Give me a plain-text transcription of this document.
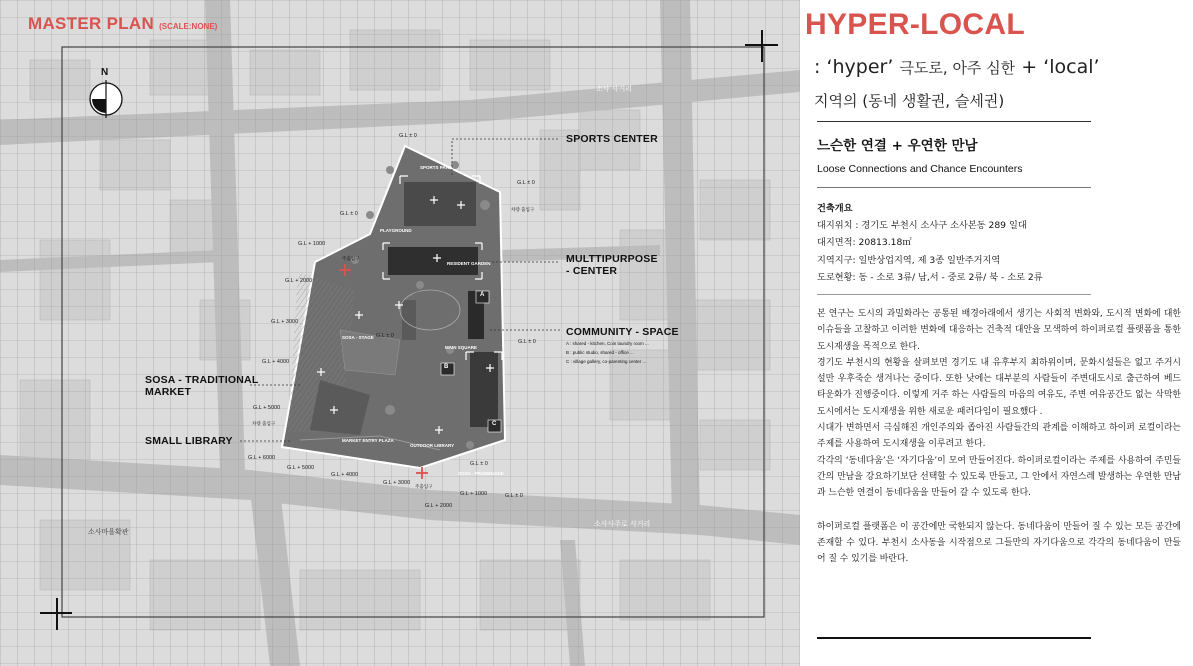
MASTER PLAN (SCALE:NONE)
N
SPORTS CENTER
MULTTIPURPOSE
- CENTER
COMMUNITY - SPACE
A : shared - kitchen, Coin laundry room ...
B : public studio, shared - office ...
C : village gallery, co-parenting center ...
SOSA - TRADITIONAL
MARKET
SMALL LIBRARY
SPORTS PARK
PLAYGROUND
RESIDENT GARDEN
SOSA - STAGE
MAIN SQUARE
MARKET ENTRY PLAZA
OUTDOOR LIBRARY
SOSA - PROMENADE
A
B
C
소사 사거리
소사사주로 사거리
소사마을확관
주출입구
주출입구
차량 출입구
차량 출입구
G.L ± 0
G.L ± 0
G.L ± 0
G.L ± 0
G.L + 1000
G.L + 2000
G.L + 3000
G.L + 4000
G.L + 5000
G.L + 6000
G.L + 5000
G.L + 4000
G.L + 3000
G.L + 2000
G.L + 1000	G.L ± 0
G.L ± 0
G.L ± 0
HYPER-LOCAL
: ‘hyper’ 극도로, 아주 심한 + ‘local’
지역의 (동네 생활권, 슬세권)
느슨한 연결 + 우연한 만남
Loose Connections and Chance Encounters
건축개요
대지위치 : 경기도 부천시 소사구 소사본동 289 일대
대지면적: 20813.18㎡
지역지구: 일반상업지역, 제 3종 일반주거지역
도로현황: 동 - 소로 3류/ 남,서 - 중로 2류/ 북 - 소로 2류

본 연구는 도시의 과밀화라는 공통된 배경아래에서 생기는 사회적 변화와, 도시적 변화에 대한 이슈들을 고찰하고 이러한 변화에 대응하는 건축적 대안을 모색하여 하이퍼로컬 플랫폼을 통한 도시재생을 목적으로 한다.

경기도 부천시의 현황을 살펴보면 경기도 내 유후부지 최하위이며, 문화시설들은 없고 주거시설만 우후죽순 생겨나는 중이다. 또한 낮에는 대부분의 사람들이 주변대도시로 출근하여 베드타운화가 진행중이다. 이렇게 거주 하는 사람들의 마음의 여유도, 주변 여유공간도 없는 삭막한 도시에서는 도시재생을 위한 새로운 패러다임이 필요했다 .

시대가 변하면서 극심해진 개인주의와 좁아진 사람들간의 관계를 이해하고 하이퍼 로컬이라는 주제를 사용하여 도시재생을 이루려고 한다.

각각의 ‘동네다움’은 ‘자기다움’이 모여 만들어진다. 하이퍼로컬이라는 주제를 사용하여 주민들간의 만남을 강요하기보단 선택할 수 있도록 만들고, 그 안에서 자연스레 발생하는 우연한 만남과 느슨한 연결이 동네다움을 만들어 갈 수 있도록 한다.

하이퍼로컬 플랫폼은 이 공간에만 국한되지 않는다. 동네다움이 만들어 질 수 있는 모든 공간에 존재할 수 있다. 부천시 소사동을 시작점으로 그들만의 자기다움으로 각각의 동네다움이 만들어 질 수 있기를 바란다.
